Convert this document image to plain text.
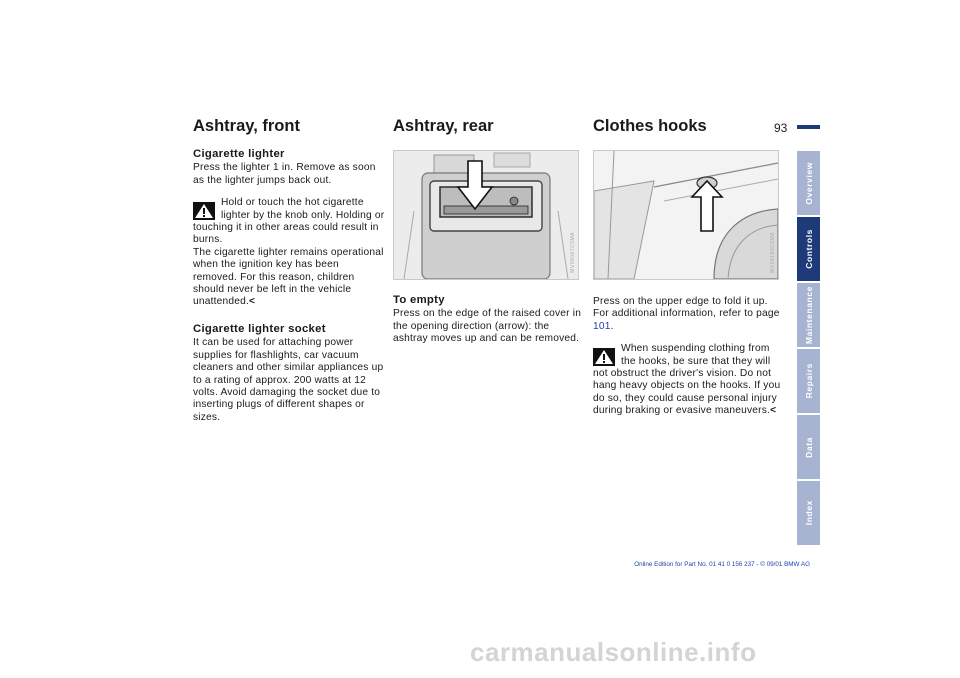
93
Ashtray, front	Ashtray, rear	Clothes hooks
Cigarette lighter

Press the lighter 1 in. Remove as soon as the lighter jumps back out.

Hold or touch the hot cigarette lighter by the knob only. Holding or touching it in other areas could result in burns.

The cigarette lighter remains operational when the ignition key has been removed. For this reason, children should never be left in the vehicle unattended.<

Cigarette lighter socket

It can be used for attaching power supplies for flashlights, car vacuum cleaners and other similar appliances up to a rating of approx. 200 watts at 12 volts. Avoid damaging the socket due to inserting plugs of different shapes or sizes.

MV08067C5MA
To empty

Press on the edge of the raised cover in the opening direction (arrow): the ashtray moves up and can be removed.

MV08180C5MA

Press on the upper edge to fold it up. For additional information, refer to page 101.

When suspending clothing from the hooks, be sure that they will not obstruct the driver's vision. Do not hang heavy objects on the hooks. If you do so, they could cause personal injury during braking or evasive maneuvers.<

Overview
Controls
Maintenance
Repairs
Data
Index
Online Edition for Part No. 01 41 0 156 237 - © 09/01 BMW AG
carmanualsonline.info
